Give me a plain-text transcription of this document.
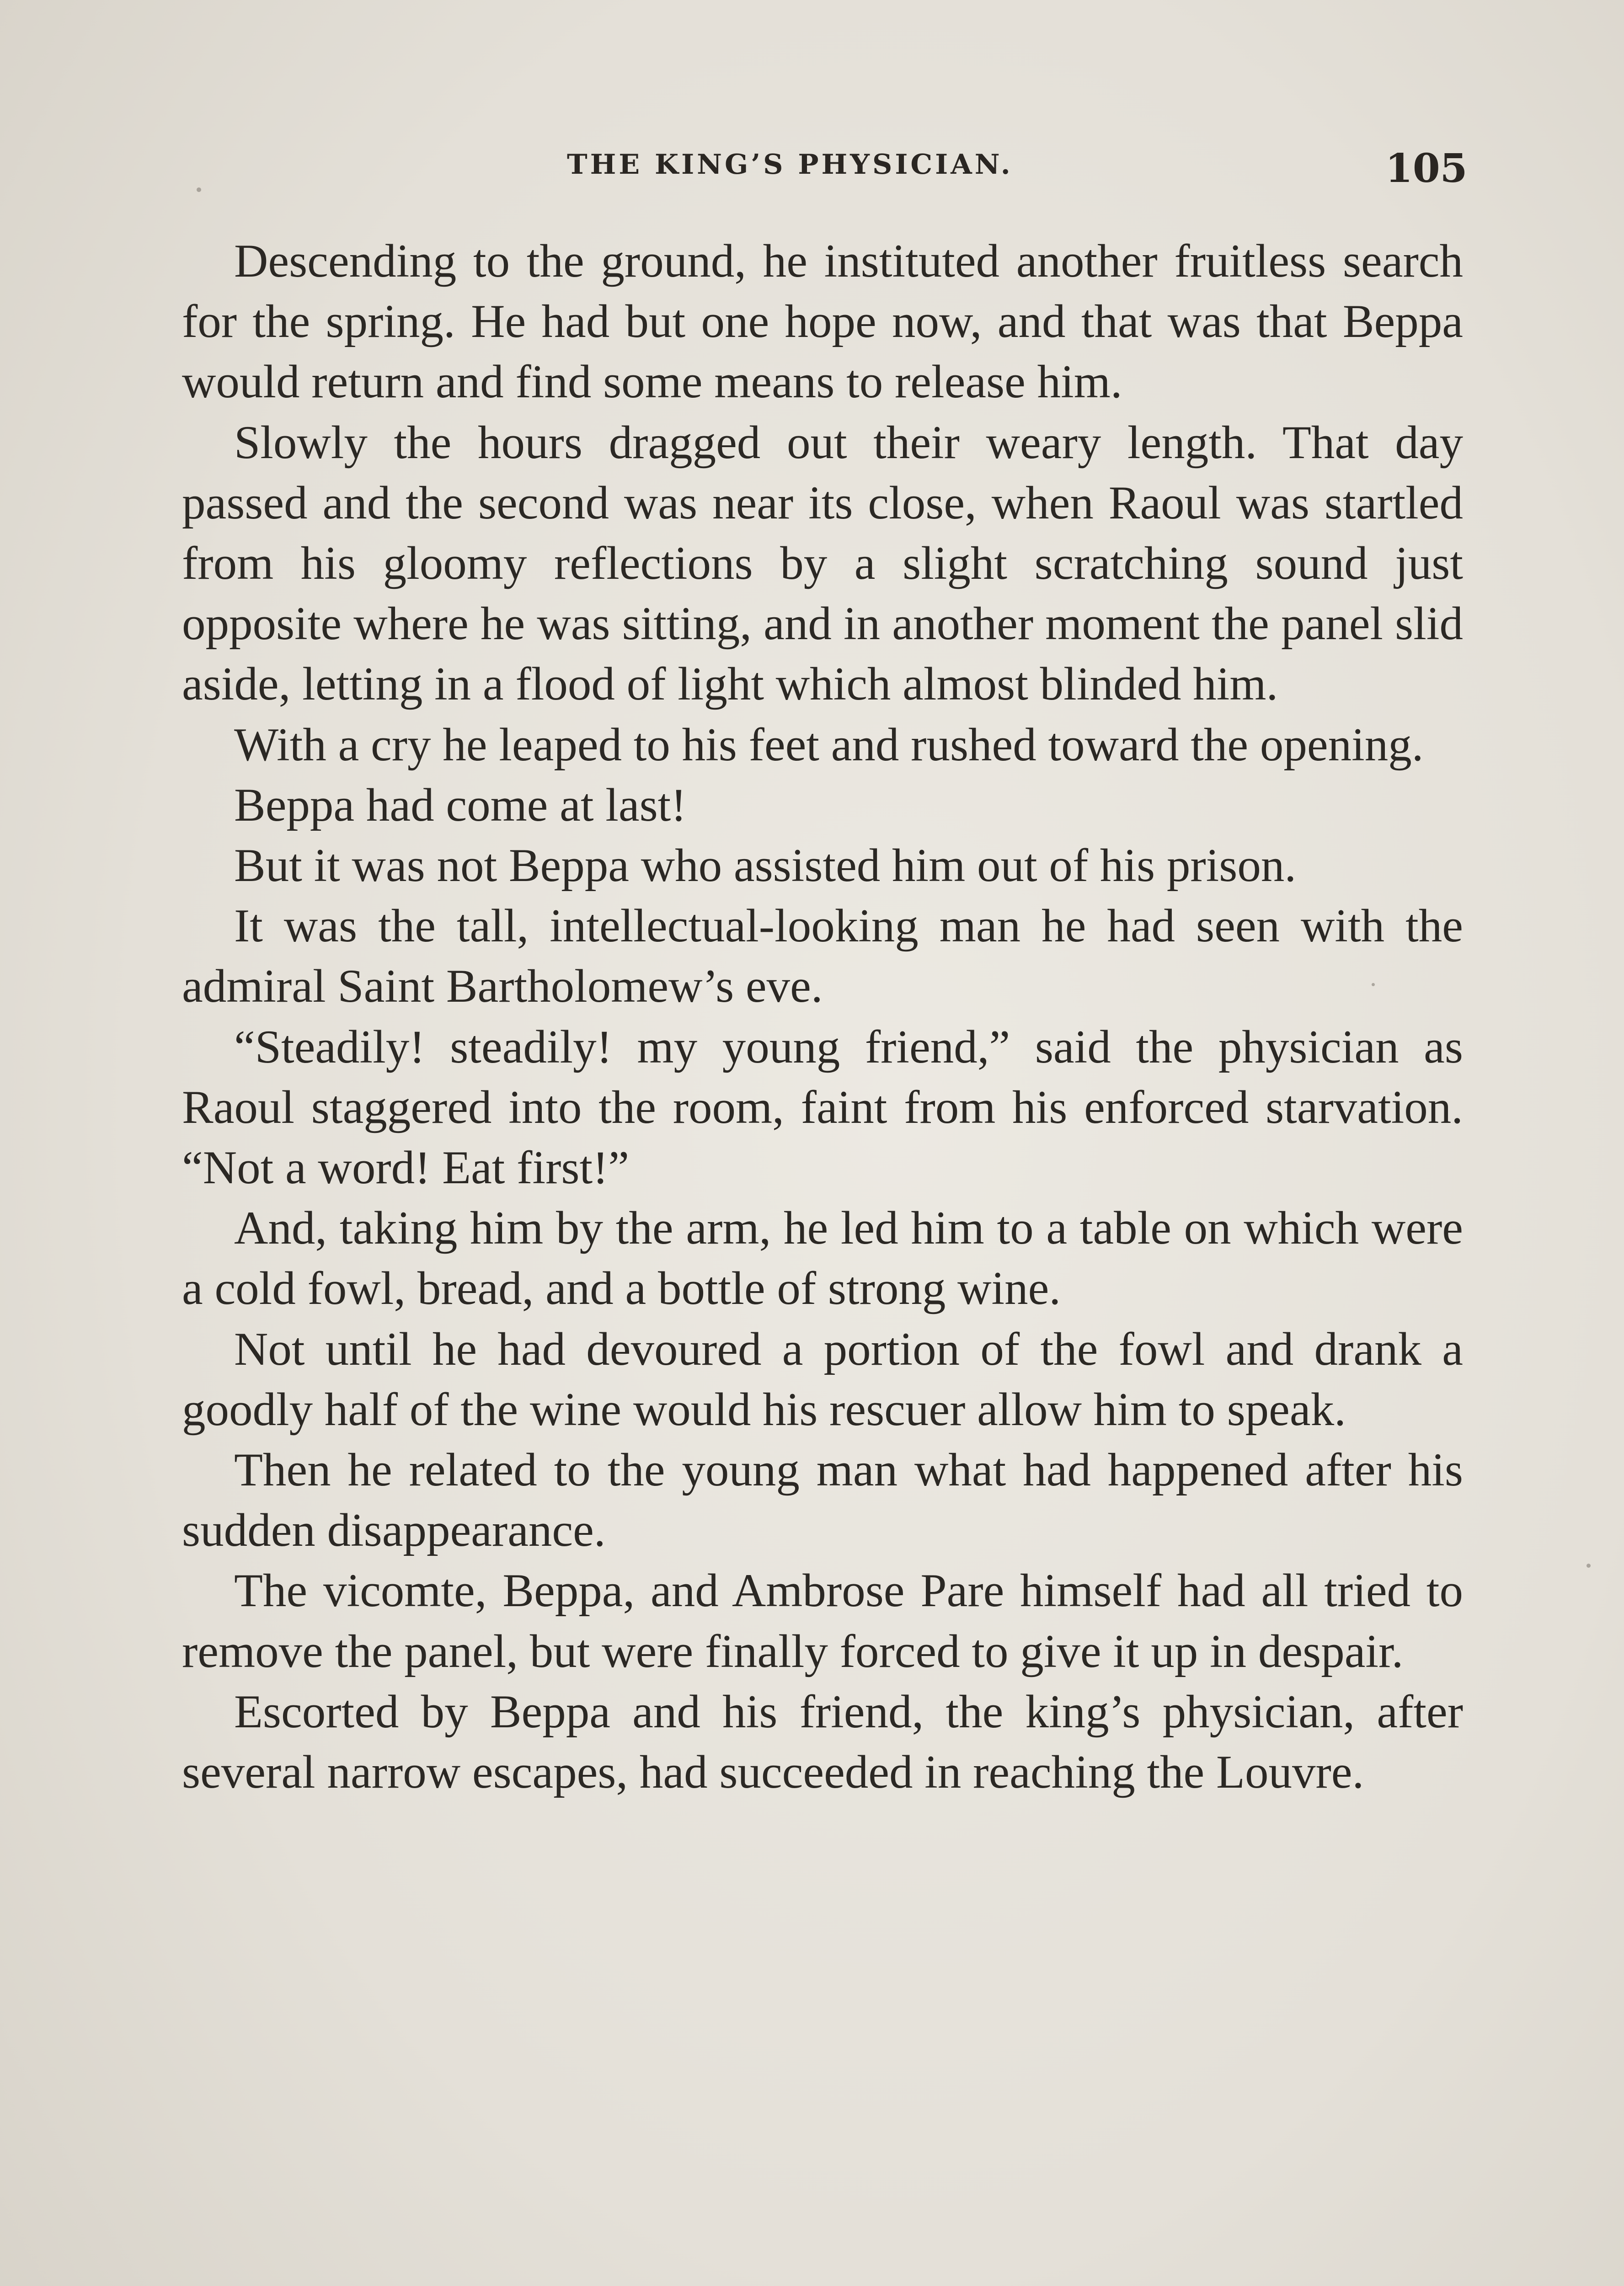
THE KING’S PHYSICIAN.	105

Descending to the ground, he instituted another fruitless search for the spring. He had but one hope now, and that was that Beppa would return and find some means to release him.

Slowly the hours dragged out their weary length. That day passed and the second was near its close, when Raoul was startled from his gloomy reflections by a slight scratching sound just opposite where he was sitting, and in another moment the panel slid aside, letting in a flood of light which almost blinded him.

With a cry he leaped to his feet and rushed toward the opening.

Beppa had come at last!

But it was not Beppa who assisted him out of his prison.

It was the tall, intellectual-looking man he had seen with the admiral Saint Bartholomew’s eve.

“Steadily! steadily! my young friend,” said the physician as Raoul staggered into the room, faint from his enforced starvation. “Not a word! Eat first!”

And, taking him by the arm, he led him to a table on which were a cold fowl, bread, and a bottle of strong wine.

Not until he had devoured a portion of the fowl and drank a goodly half of the wine would his rescuer allow him to speak.

Then he related to the young man what had happened after his sudden disappearance.

The vicomte, Beppa, and Ambrose Pare himself had all tried to remove the panel, but were finally forced to give it up in despair.

Escorted by Beppa and his friend, the king’s physician, after several narrow escapes, had succeeded in reaching the Louvre.
